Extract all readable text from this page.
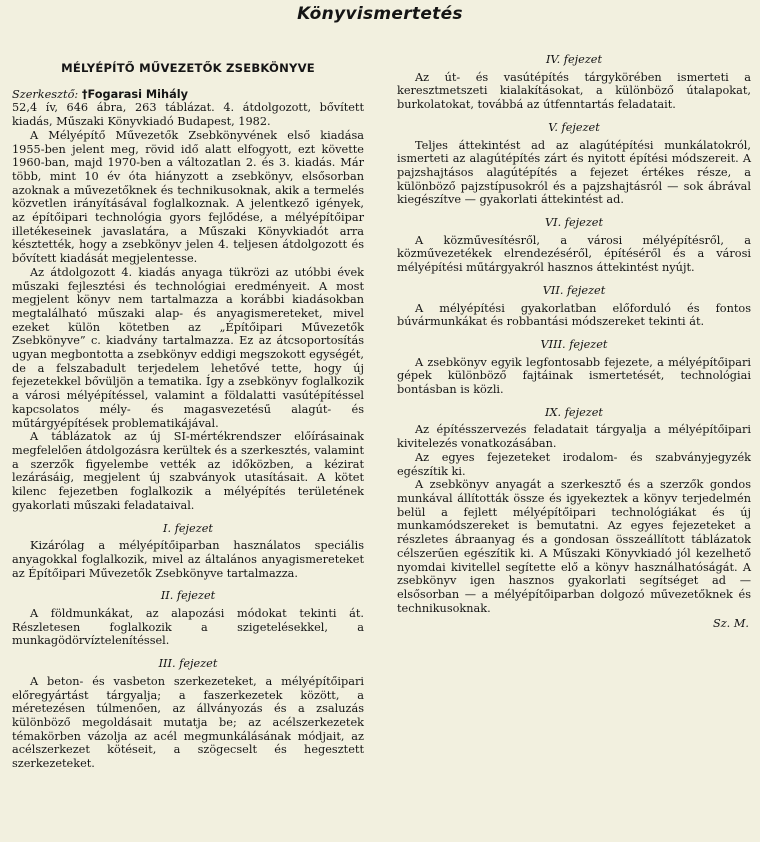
Könyvismertetés
MÉLYÉPÍTŐ MŰVEZETŐK ZSEBKÖNYVE

Szerkesztő: †Fogarasi Mihály
52,4 ív, 646 ábra, 263 táblázat. 4. átdolgozott, bővített kiadás, Műszaki Könyvkiadó Budapest, 1982.

A Mélyépítő Művezetők Zsebkönyvének első kiadása 1955-ben jelent meg, rövid idő alatt elfogyott, ezt követte 1960-ban, majd 1970-ben a változatlan 2. és 3. kiadás. Már több, mint 10 év óta hiányzott a zsebkönyv, elsősorban azoknak a művezetőknek és technikusoknak, akik a termelés közvetlen irányításával foglalkoznak. A jelentkező igények, az építőipari technológia gyors fejlődése, a mélyépítőipar illetékeseinek javaslatára, a Műszaki Könyvkiadót arra késztették, hogy a zsebkönyv jelen 4. teljesen átdolgozott és bővített kiadását megjelentesse.

Az átdolgozott 4. kiadás anyaga tükrözi az utóbbi évek műszaki fejlesztési és technológiai eredményeit. A most megjelent könyv nem tartalmazza a korábbi kiadásokban megtalálható műszaki alap- és anyagismereteket, mivel ezeket külön kötetben az „Építőipari Művezetők Zsebkönyve” c. kiadvány tartalmazza. Ez az átcsoportosítás ugyan megbontotta a zsebkönyv eddigi megszokott egységét, de a felszabadult terjedelem lehetővé tette, hogy új fejezetekkel bővüljön a tematika. Így a zsebkönyv foglalkozik a városi mélyépítéssel, valamint a földalatti vasútépítéssel kapcsolatos mély- és magasvezetésű alagút- és műtárgyépítések problematikájával.

A táblázatok az új SI-mértékrendszer előírásainak megfelelően átdolgozásra kerültek és a szerkesztés, valamint a szerzők figyelembe vették az időközben, a kézirat lezárásáig, megjelent új szabványok utasításait. A kötet kilenc fejezetben foglalkozik a mélyépítés területének gyakorlati műszaki feladataival.

I. fejezet

Kizárólag a mélyépítőiparban használatos speciális anyagokkal foglalkozik, mivel az általános anyagismereteket az Építőipari Művezetők Zsebkönyve tartalmazza.

II. fejezet

A földmunkákat, az alapozási módokat tekinti át. Részletesen foglalkozik a szigetelésekkel, a munkagödörvíztelenítéssel.

III. fejezet

A beton- és vasbeton szerkezeteket, a mélyépítőipari előregyártást tárgyalja; a faszerkezetek között, a méretezésen túlmenően, az állványozás és a zsaluzás különböző megoldásait mutatja be; az acélszerkezetek témakörben vázolja az acél megmunkálásának módjait, az acélszerkezet kötéseit, a szögecselt és hegesztett szerkezeteket.

IV. fejezet

Az út- és vasútépítés tárgykörében ismerteti a keresztmetszeti kialakításokat, a különböző útalapokat, burkolatokat, továbbá az útfenntartás feladatait.

V. fejezet

Teljes áttekintést ad az alagútépítési munkálatokról, ismerteti az alagútépítés zárt és nyitott építési módszereit. A pajzshajtásos alagútépítés a fejezet értékes része, a különböző pajzstípusokról és a pajzshajtásról — sok ábrával kiegészítve — gyakorlati áttekintést ad.

VI. fejezet

A közművesítésről, a városi mélyépítésről, a közművezetékek elrendezéséről, építéséről és a városi mélyépítési műtárgyakról hasznos áttekintést nyújt.

VII. fejezet

A mélyépítési gyakorlatban előforduló és fontos búvármunkákat és robbantási módszereket tekinti át.

VIII. fejezet

A zsebkönyv egyik legfontosabb fejezete, a mélyépítőipari gépek különböző fajtáinak ismertetését, technológiai bontásban is közli.

IX. fejezet

Az építésszervezés feladatait tárgyalja a mélyépítőipari kivitelezés vonatkozásában.

Az egyes fejezeteket irodalom- és szabványjegyzék egészítik ki.

A zsebkönyv anyagát a szerkesztő és a szerzők gondos munkával állították össze és igyekeztek a könyv terjedelmén belül a fejlett mélyépítőipari technológiákat és új munkamódszereket is bemutatni. Az egyes fejezeteket a részletes ábraanyag és a gondosan összeállított táblázatok célszerűen egészítik ki. A Műszaki Könyvkiadó jól kezelhető nyomdai kivitellel segítette elő a könyv használhatóságát. A zsebkönyv igen hasznos gyakorlati segítséget ad — elsősorban — a mélyépítőiparban dolgozó művezetőknek és technikusoknak.

Sz. M.
